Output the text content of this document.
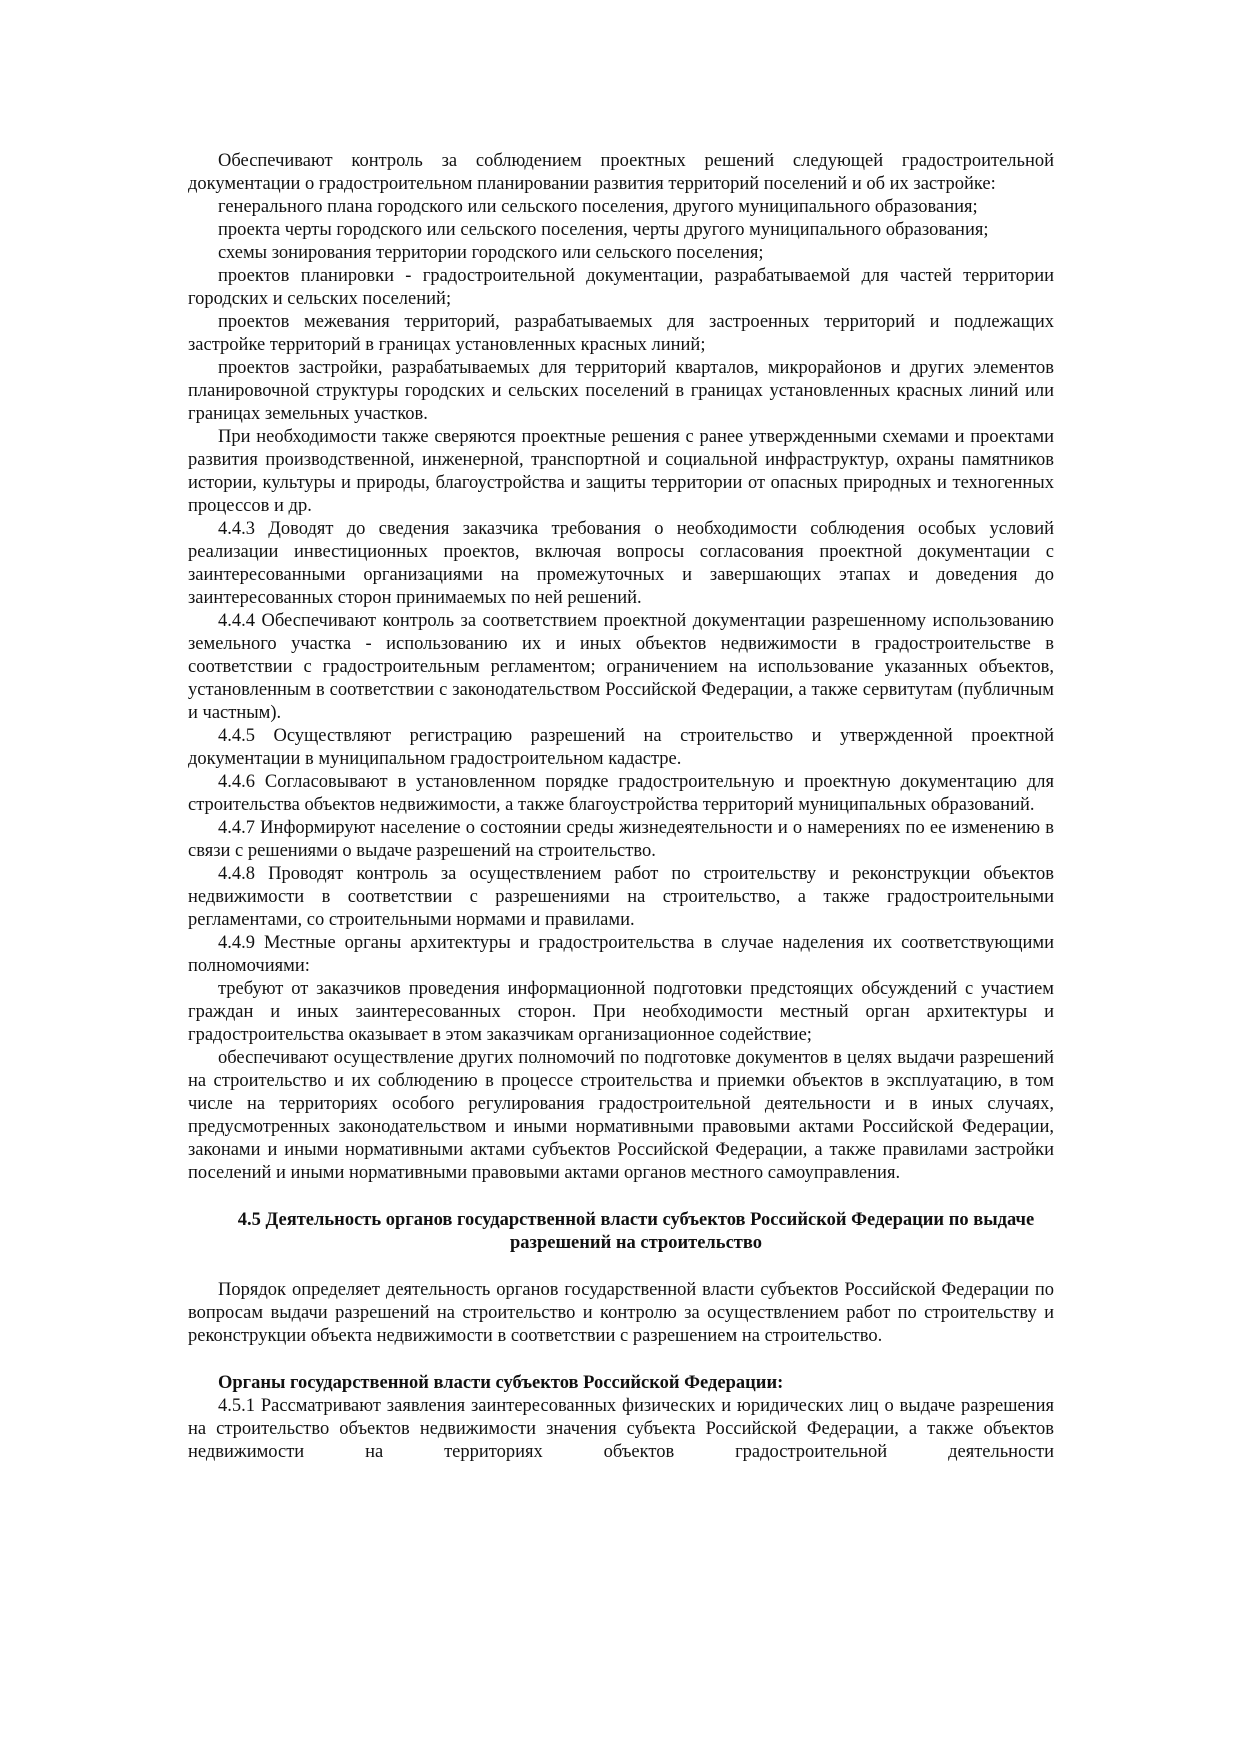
Обеспечивают контроль за соблюдением проектных решений следующей градостроительной документации о градостроительном планировании развития территорий поселений и об их застройке:

генерального плана городского или сельского поселения, другого муниципального образования;

проекта черты городского или сельского поселения, черты другого муниципального образования;

схемы зонирования территории городского или сельского поселения;

проектов планировки - градостроительной документации, разрабатываемой для частей территории городских и сельских поселений;

проектов межевания территорий, разрабатываемых для застроенных территорий и подлежащих застройке территорий в границах установленных красных линий;

проектов застройки, разрабатываемых для территорий кварталов, микрорайонов и других элементов планировочной структуры городских и сельских поселений в границах установленных красных линий или границах земельных участков.

При необходимости также сверяются проектные решения с ранее утвержденными схемами и проектами развития производственной, инженерной, транспортной и социальной инфраструктур, охраны памятников истории, культуры и природы, благоустройства и защиты территории от опасных природных и техногенных процессов и др.

4.4.3 Доводят до сведения заказчика требования о необходимости соблюдения особых условий реализации инвестиционных проектов, включая вопросы согласования проектной документации с заинтересованными организациями на промежуточных и завершающих этапах и доведения до заинтересованных сторон принимаемых по ней решений.

4.4.4 Обеспечивают контроль за соответствием проектной документации разрешенному использованию земельного участка - использованию их и иных объектов недвижимости в градостроительстве в соответствии с градостроительным регламентом; ограничением на использование указанных объектов, установленным в соответствии с законодательством Российской Федерации, а также сервитутам (публичным и частным).

4.4.5 Осуществляют регистрацию разрешений на строительство и утвержденной проектной документации в муниципальном градостроительном кадастре.

4.4.6 Согласовывают в установленном порядке градостроительную и проектную документацию для строительства объектов недвижимости, а также благоустройства территорий муниципальных образований.

4.4.7 Информируют население о состоянии среды жизнедеятельности и о намерениях по ее изменению в связи с решениями о выдаче разрешений на строительство.

4.4.8 Проводят контроль за осуществлением работ по строительству и реконструкции объектов недвижимости в соответствии с разрешениями на строительство, а также градостроительными регламентами, со строительными нормами и правилами.

4.4.9 Местные органы архитектуры и градостроительства в случае наделения их соответствующими полномочиями:

требуют от заказчиков проведения информационной подготовки предстоящих обсуждений с участием граждан и иных заинтересованных сторон. При необходимости местный орган архитектуры и градостроительства оказывает в этом заказчикам организационное содействие;

обеспечивают осуществление других полномочий по подготовке документов в целях выдачи разрешений на строительство и их соблюдению в процессе строительства и приемки объектов в эксплуатацию, в том числе на территориях особого регулирования градостроительной деятельности и в иных случаях, предусмотренных законодательством и иными нормативными правовыми актами Российской Федерации, законами и иными нормативными актами субъектов Российской Федерации, а также правилами застройки поселений и иными нормативными правовыми актами органов местного самоуправления.

4.5 Деятельность органов государственной власти субъектов Российской Федерации по выдаче разрешений на строительство

Порядок определяет деятельность органов государственной власти субъектов Российской Федерации по вопросам выдачи разрешений на строительство и контролю за осуществлением работ по строительству и реконструкции объекта недвижимости в соответствии с разрешением на строительство.

Органы государственной власти субъектов Российской Федерации:

4.5.1 Рассматривают заявления заинтересованных физических и юридических лиц о выдаче разрешения на строительство объектов недвижимости значения субъекта Российской Федерации, а также объектов недвижимости на территориях объектов градостроительной деятельности
